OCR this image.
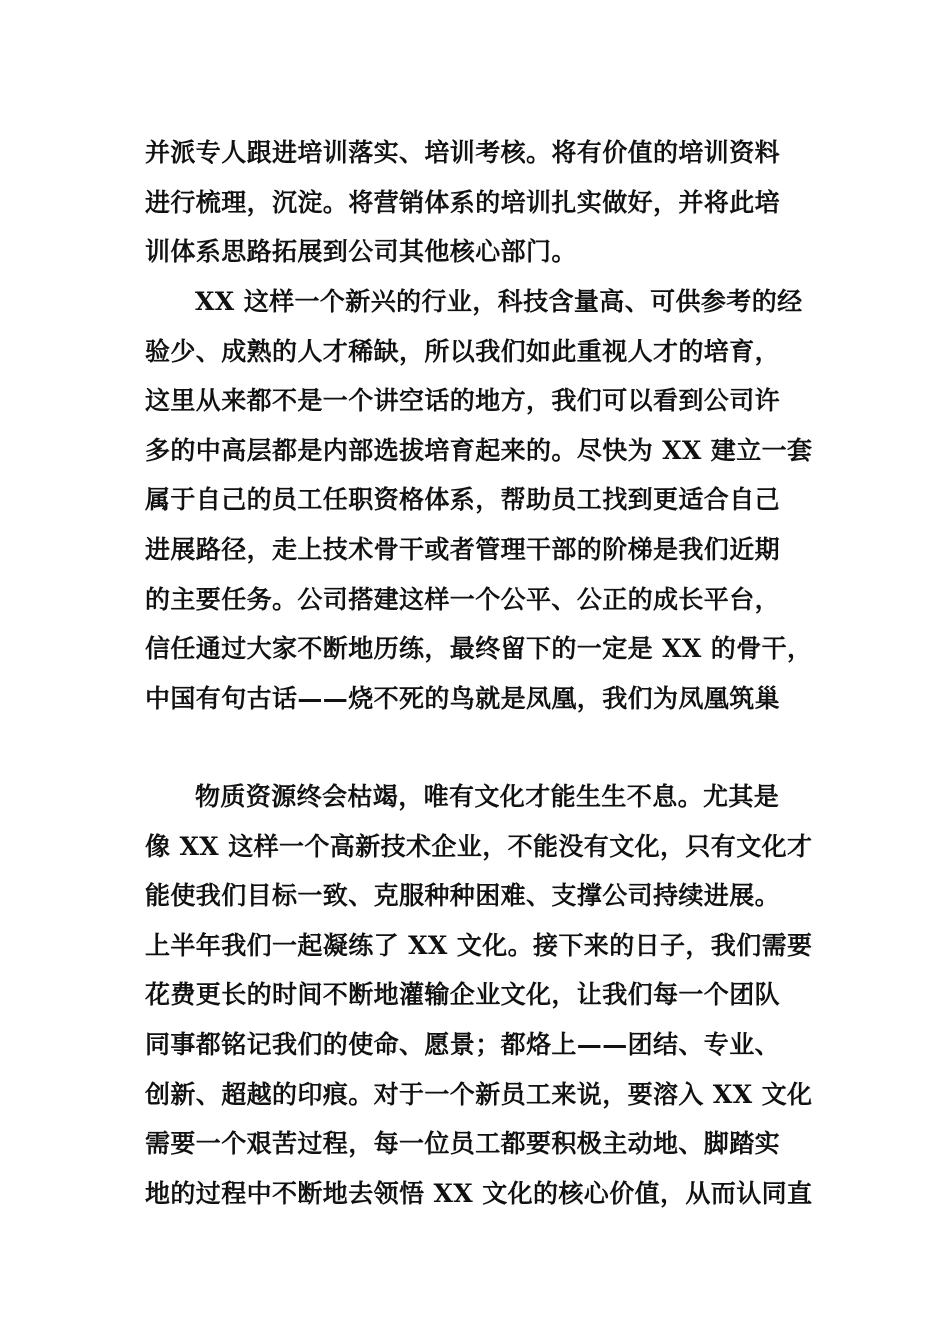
并派专人跟进培训落实、培训考核。将有价值的培训资料
进行梳理，沉淀。将营销体系的培训扎实做好，并将此培
训体系思路拓展到公司其他核心部门。
XX 这样一个新兴的行业，科技含量高、可供参考的经
验少、成熟的人才稀缺，所以我们如此重视人才的培育，
这里从来都不是一个讲空话的地方，我们可以看到公司许
多的中高层都是内部选拔培育起来的。尽快为 XX 建立一套
属于自己的员工任职资格体系，帮助员工找到更适合自己
进展路径，走上技术骨干或者管理干部的阶梯是我们近期
的主要任务。公司搭建这样一个公平、公正的成长平台，
信任通过大家不断地历练，最终留下的一定是 XX 的骨干，
中国有句古话——烧不死的鸟就是凤凰，我们为凤凰筑巢
物质资源终会枯竭，唯有文化才能生生不息。尤其是
像 XX 这样一个高新技术企业，不能没有文化，只有文化才
能使我们目标一致、克服种种困难、支撑公司持续进展。
上半年我们一起凝练了 XX 文化。接下来的日子，我们需要
花费更长的时间不断地灌输企业文化，让我们每一个团队
同事都铭记我们的使命、愿景；都烙上——团结、专业、
创新、超越的印痕。对于一个新员工来说，要溶入 XX 文化
需要一个艰苦过程，每一位员工都要积极主动地、脚踏实
地的过程中不断地去领悟 XX 文化的核心价值，从而认同直
